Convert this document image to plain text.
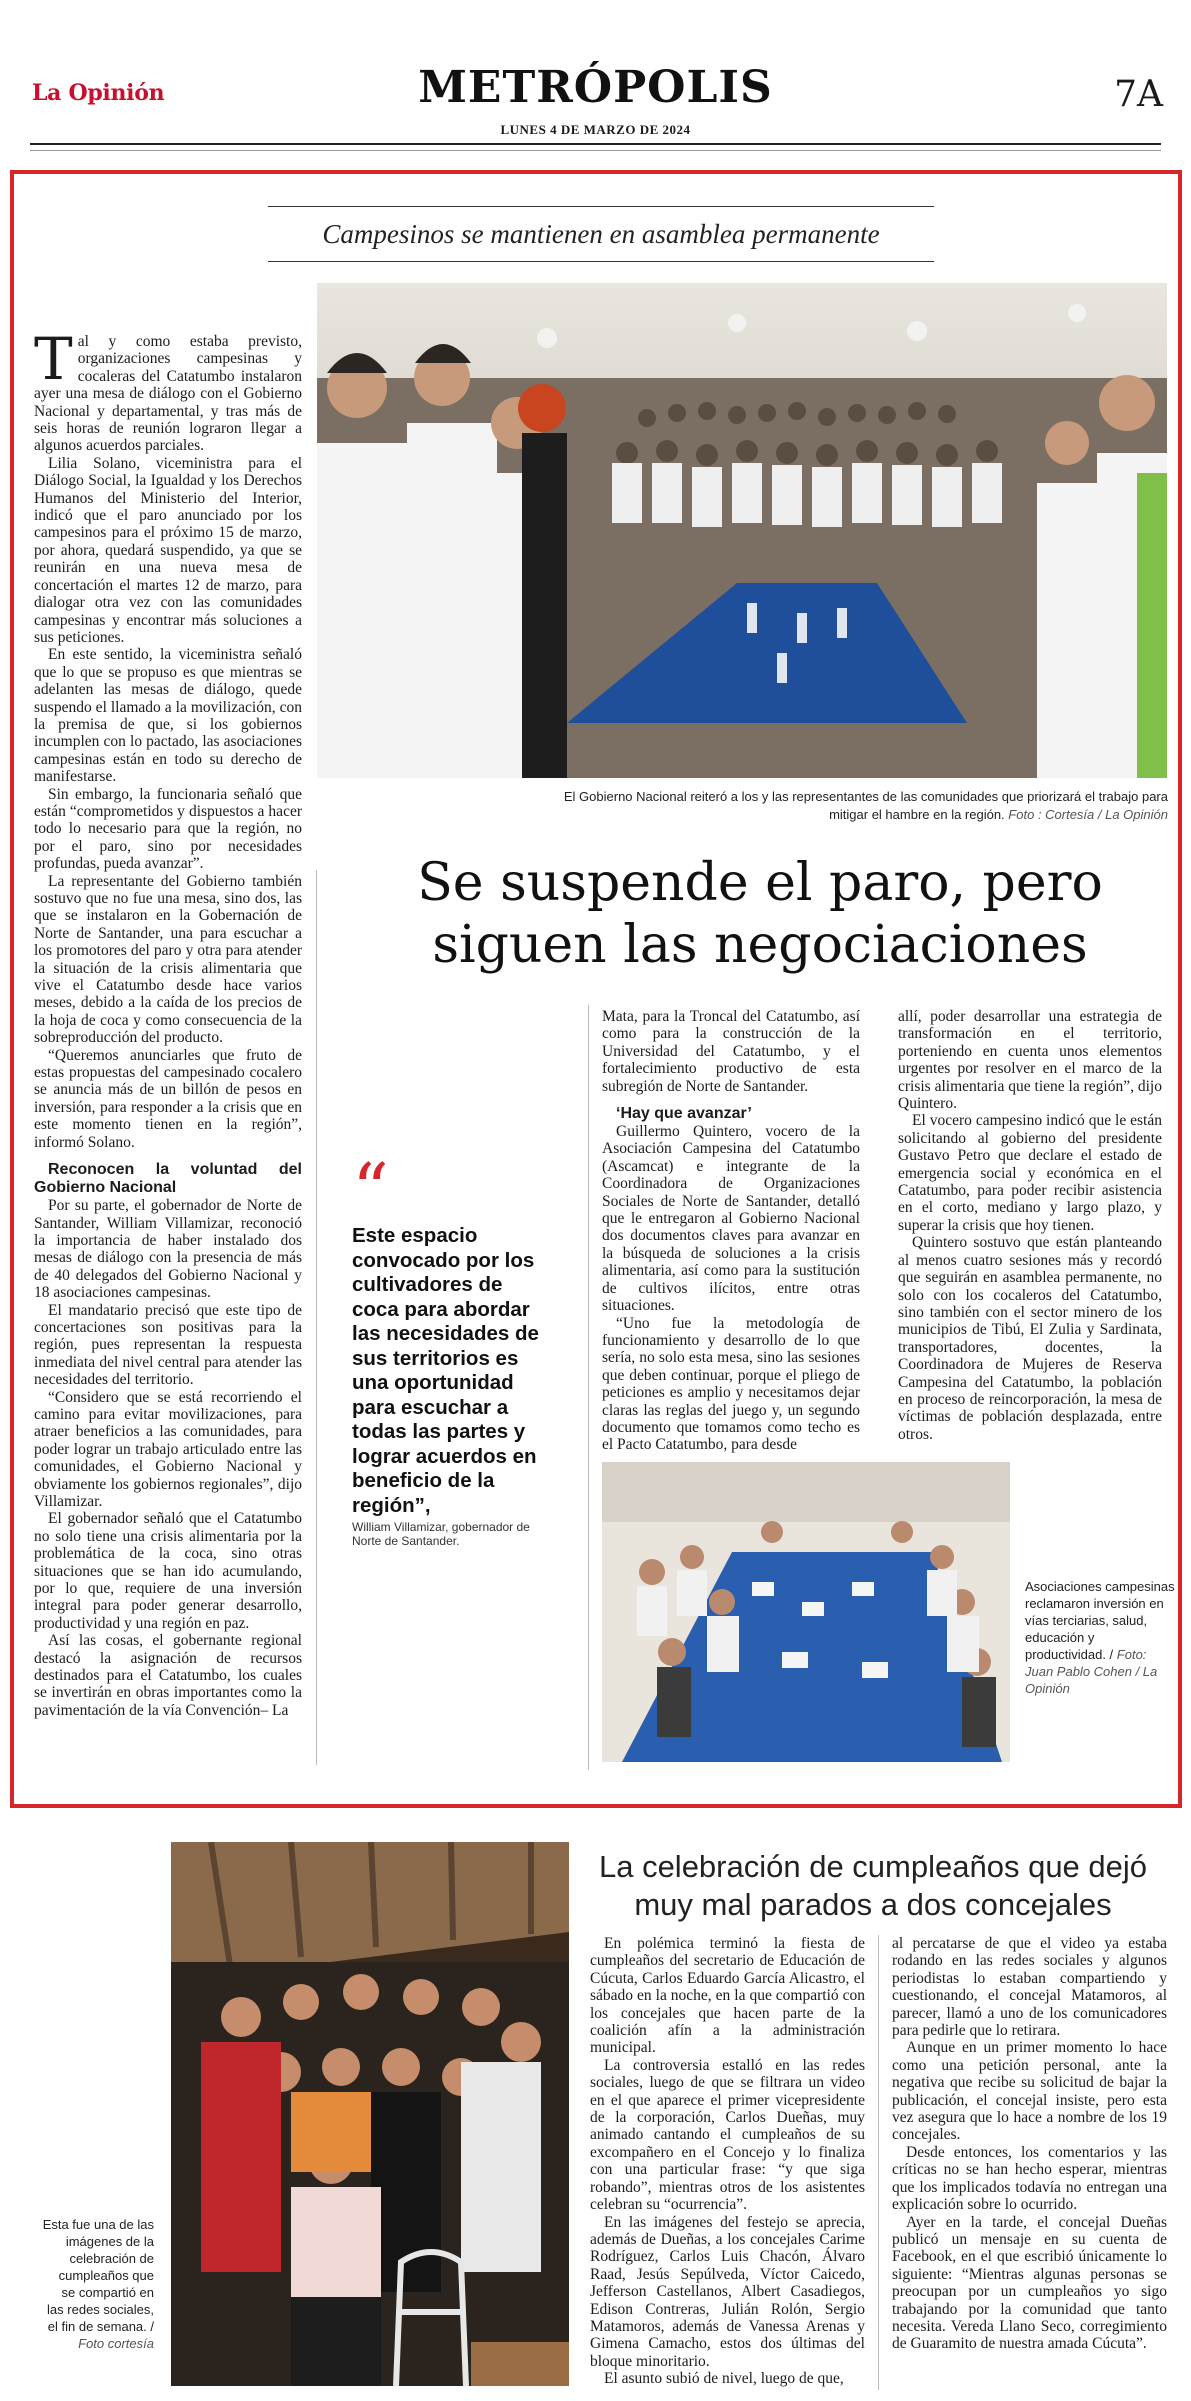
La Opinión	METRÓPOLIS
LUNES 4 DE MARZO DE 2024
7A
Campesinos se mantienen en asamblea permanente
El Gobierno Nacional reiteró a los y las representantes de las comunidades que priorizará el trabajo para mitigar el hambre en la región. Foto : Cortesía / La Opinión

Tal y como estaba previsto, organizaciones campesinas y cocaleras del Catatumbo instalaron ayer una mesa de diálogo con el Gobierno Nacional y departamental, y tras más de seis horas de reunión lograron llegar a algunos acuerdos parciales.

Lilia Solano, viceministra para el Diálogo Social, la Igualdad y los Derechos Humanos del Ministerio del Interior, indicó que el paro anunciado por los campesinos para el próximo 15 de marzo, por ahora, quedará suspendido, ya que se reunirán en una nueva mesa de concertación el martes 12 de marzo, para dialogar otra vez con las comunidades campesinas y encontrar más soluciones a sus peticiones.

En este sentido, la viceministra señaló que lo que se propuso es que mientras se adelanten las mesas de diálogo, quede suspendo el llamado a la movilización, con la premisa de que, si los gobiernos incumplen con lo pactado, las asociaciones campesinas están en todo su derecho de manifestarse.

Sin embargo, la funcionaria señaló que están “comprometidos y dispuestos a hacer todo lo necesario para que la región, no por el paro, sino por necesidades profundas, pueda avanzar”.

La representante del Gobierno también sostuvo que no fue una mesa, sino dos, las que se instalaron en la Gobernación de Norte de Santander, una para escuchar a los promotores del paro y otra para atender la situación de la crisis alimentaria que vive el Catatumbo desde hace varios meses, debido a la caída de los precios de la hoja de coca y como consecuencia de la sobreproducción del producto.

“Queremos anunciarles que fruto de estas propuestas del campesinado cocalero se anuncia más de un billón de pesos en inversión, para responder a la crisis que en este momento tienen en la región”, informó Solano.

Reconocen la voluntad del Gobierno Nacional

Por su parte, el gobernador de Norte de Santander, William Villamizar, reconoció la importancia de haber instalado dos mesas de diálogo con la presencia de más de 40 delegados del Gobierno Nacional y 18 asociaciones campesinas.

El mandatario precisó que este tipo de concertaciones son positivas para la región, pues representan la respuesta inmediata del nivel central para atender las necesidades del territorio.

“Considero que se está recorriendo el camino para evitar movilizaciones, para atraer beneficios a las comunidades, para poder lograr un trabajo articulado entre las comunidades, el Gobierno Nacional y obviamente los gobiernos regionales”, dijo Villamizar.

El gobernador señaló que el Catatumbo no solo tiene una crisis alimentaria por la problemática de la coca, sino otras situaciones que se han ido acumulando, por lo que, requiere de una inversión integral para poder generar desarrollo, productividad y una región en paz.

Así las cosas, el gobernante regional destacó la asignación de recursos destinados para el Catatumbo, los cuales se invertirán en obras importantes como la pavimentación de la vía Convención– La

Se suspende el paro, pero
siguen las negociaciones
“
Este espacio convocado por los cultivadores de coca para abordar las necesidades de sus territorios es una oportunidad para escuchar a todas las partes y lograr acuerdos en beneficio de la región”,
William Villamizar, gobernador de Norte de Santander.

Mata, para la Troncal del Catatumbo, así como para la construcción de la Universidad del Catatumbo, y el fortalecimiento productivo de esta subregión de Norte de Santander.

‘Hay que avanzar’

Guillermo Quintero, vocero de la Asociación Campesina del Catatumbo (Ascamcat) e integrante de la Coordinadora de Organizaciones Sociales de Norte de Santander, detalló que le entregaron al Gobierno Nacional dos documentos claves para avanzar en la búsqueda de soluciones a la crisis alimentaria, así como para la sustitución de cultivos ilícitos, entre otras situaciones.

“Uno fue la metodología de funcionamiento y desarrollo de lo que sería, no solo esta mesa, sino las sesiones que deben continuar, porque el pliego de peticiones es amplio y necesitamos dejar claras las reglas del juego y, un segundo documento que tomamos como techo es el Pacto Catatumbo, para desde

allí, poder desarrollar una estrategia de transformación en el territorio, porteniendo en cuenta unos elementos urgentes por resolver en el marco de la crisis alimentaria que tiene la región”, dijo Quintero.

El vocero campesino indicó que le están solicitando al gobierno del presidente Gustavo Petro que declare el estado de emergencia social y económica en el Catatumbo, para poder recibir asistencia en el corto, mediano y largo plazo, y superar la crisis que hoy tienen.

Quintero sostuvo que están planteando al menos cuatro sesiones más y recordó que seguirán en asamblea permanente, no solo con los cocaleros del Catatumbo, sino también con el sector minero de los municipios de Tibú, El Zulia y Sardinata, transportadores, docentes, la Coordinadora de Mujeres de Reserva Campesina del Catatumbo, la población en proceso de reincorporación, la mesa de víctimas de población desplazada, entre otros.

Asociaciones campesinas reclamaron inversión en vías terciarias, salud, educación y productividad. / Foto: Juan Pablo Cohen / La Opinión
Esta fue una de las imágenes de la celebración de cumpleaños que se compartió en las redes sociales, el fin de semana. / Foto cortesía
La celebración de cumpleaños que dejó
muy mal parados a dos concejales

En polémica terminó la fiesta de cumpleaños del secretario de Educación de Cúcuta, Carlos Eduardo García Alicastro, el sábado en la noche, en la que compartió con los concejales que hacen parte de la coalición afín a la administración municipal.

La controversia estalló en las redes sociales, luego de que se filtrara un video en el que aparece el primer vicepresidente de la corporación, Carlos Dueñas, muy animado cantando el cumpleaños de su excompañero en el Concejo y lo finaliza con una particular frase: “y que siga robando”, mientras otros de los asistentes celebran su “ocurrencia”.

En las imágenes del festejo se aprecia, además de Dueñas, a los concejales Carime Rodríguez, Carlos Luis Chacón, Álvaro Raad, Jesús Sepúlveda, Víctor Caicedo, Jefferson Castellanos, Albert Casadiegos, Edison Contreras, Julián Rolón, Sergio Matamoros, además de Vanessa Arenas y Gimena Camacho, estos dos últimas del bloque minoritario.

El asunto subió de nivel, luego de que,

al percatarse de que el video ya estaba rodando en las redes sociales y algunos periodistas lo estaban compartiendo y cuestionando, el concejal Matamoros, al parecer, llamó a uno de los comunicadores para pedirle que lo retirara.

Aunque en un primer momento lo hace como una petición personal, ante la negativa que recibe su solicitud de bajar la publicación, el concejal insiste, pero esta vez asegura que lo hace a nombre de los 19 concejales.

Desde entonces, los comentarios y las críticas no se han hecho esperar, mientras que los implicados todavía no entregan una explicación sobre lo ocurrido.

Ayer en la tarde, el concejal Dueñas publicó un mensaje en su cuenta de Facebook, en el que escribió únicamente lo siguiente: “Mientras algunas personas se preocupan por un cumpleaños yo sigo trabajando por la comunidad que tanto necesita. Vereda Llano Seco, corregimiento de Guaramito de nuestra amada Cúcuta”.
